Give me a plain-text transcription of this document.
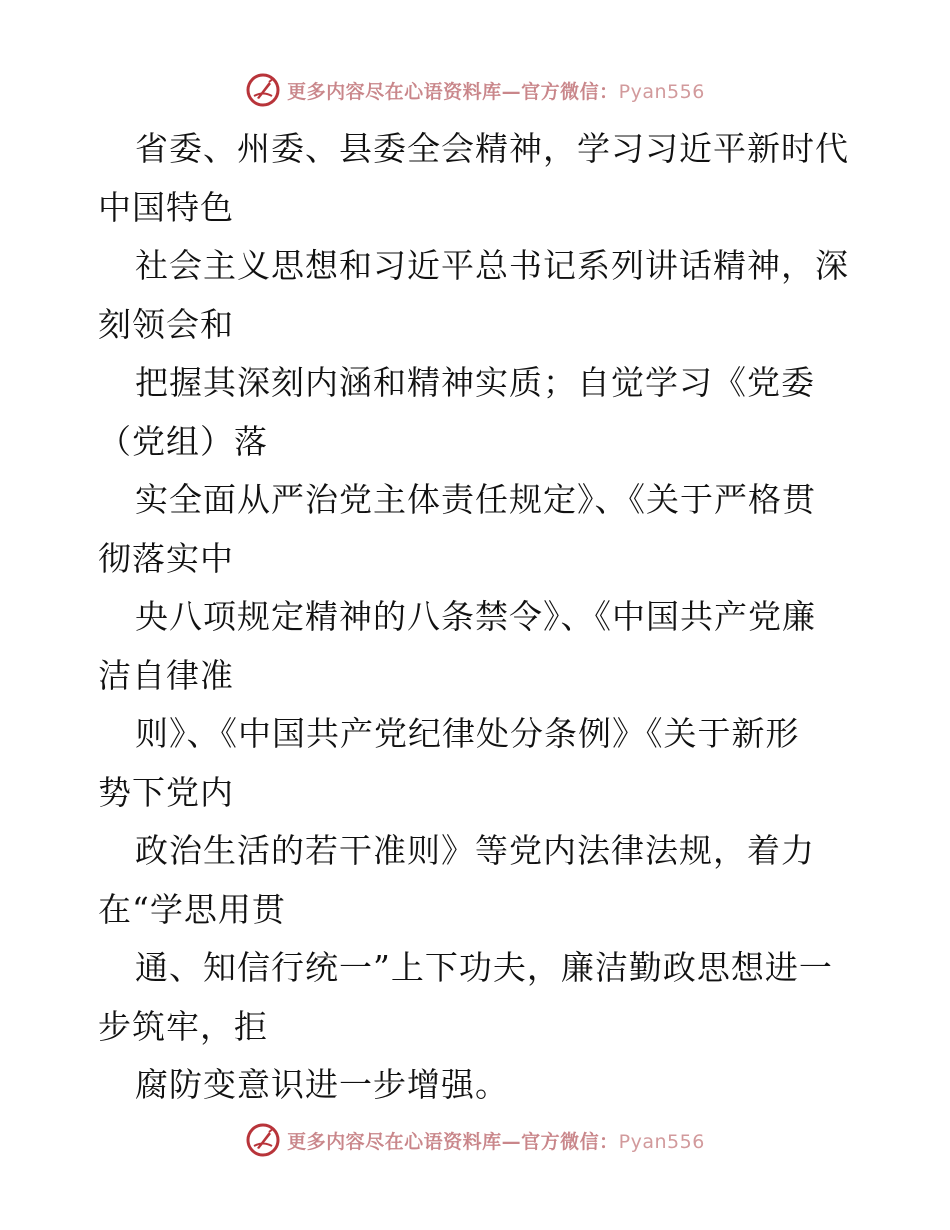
更多内容尽在心语资料库—官方微信：Pyan556
省委、州委、县委全会精神，学习习近平新时代
中国特色
社会主义思想和习近平总书记系列讲话精神，深
刻领会和
把握其深刻内涵和精神实质；自觉学习《党委
（党组）落
实全面从严治党主体责任规定》、《关于严格贯
彻落实中
央八项规定精神的八条禁令》、《中国共产党廉
洁自律准
则》、《中国共产党纪律处分条例》《关于新形
势下党内
政治生活的若干准则》等党内法律法规，着力
在“学思用贯
通、知信行统一”上下功夫，廉洁勤政思想进一
步筑牢，拒
腐防变意识进一步增强。
更多内容尽在心语资料库—官方微信：Pyan556
